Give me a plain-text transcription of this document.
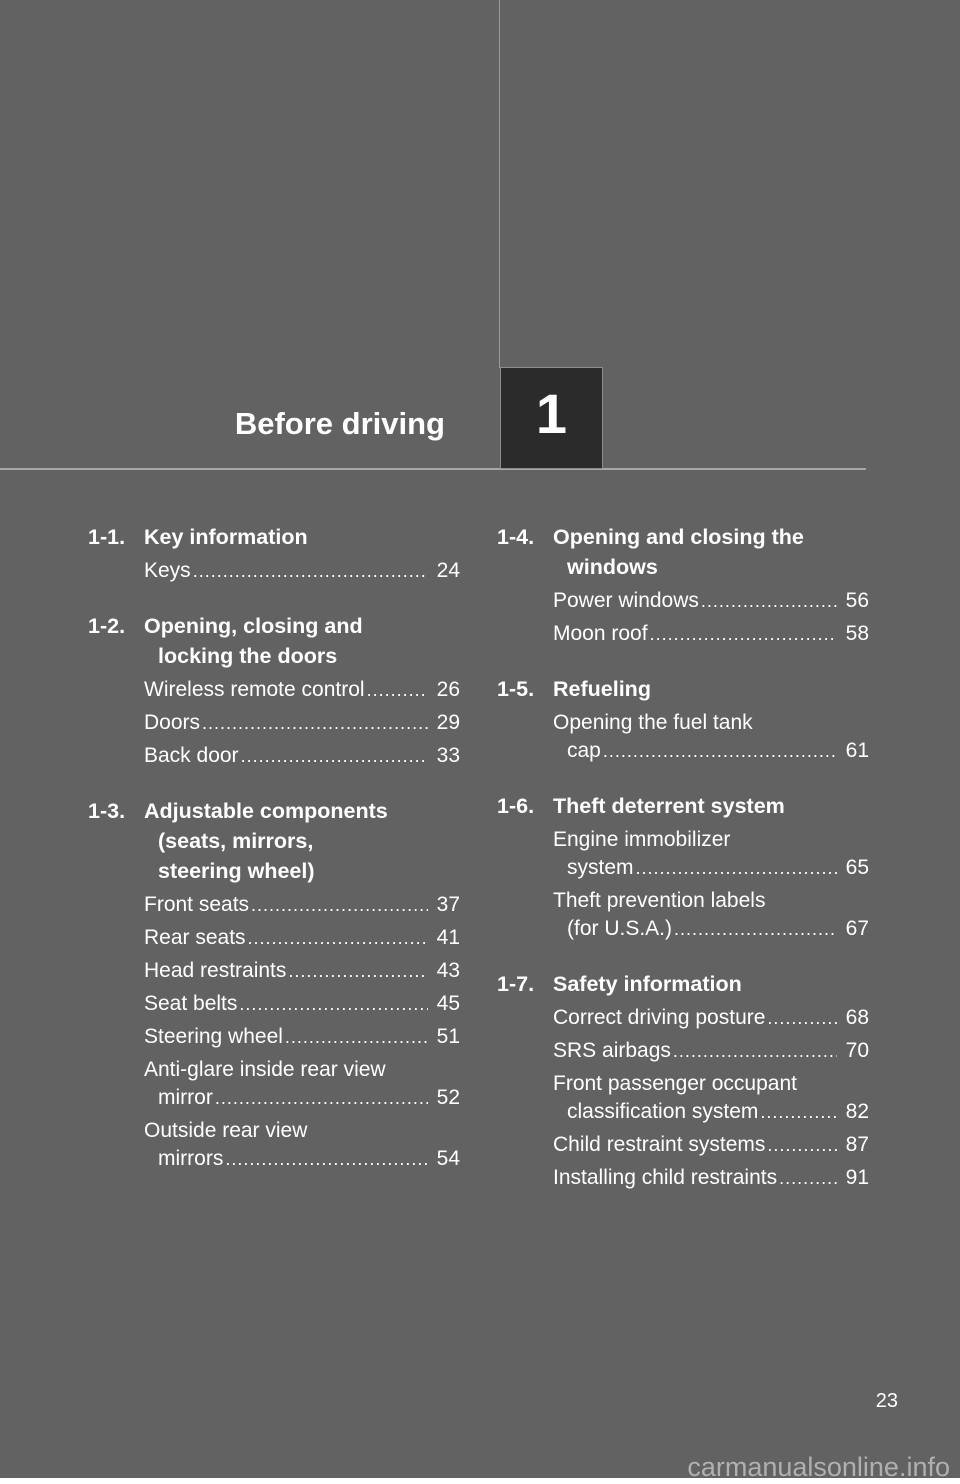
Before driving 1
1-1. Key information
Keys .....	24
1-2. Opening, closing and
locking the doors
Wireless remote control .....	26
Doors .....	29
Back door .....	33
1-3. Adjustable components
(seats, mirrors,
steering wheel)
Front seats .....	37
Rear seats .....	41
Head restraints .....	43
Seat belts .....	45
Steering wheel .....	51
Anti-glare inside rear view
mirror .....	52
Outside rear view
mirrors .....	54
1-4. Opening and closing the
windows
Power windows .....	56
Moon roof .....	58
1-5. Refueling
Opening the fuel tank
cap .....	61
1-6. Theft deterrent system
Engine immobilizer
system .....	65
Theft prevention labels
(for U.S.A.) .....	67
1-7. Safety information
Correct driving posture .....	68
SRS airbags .....	70
Front passenger occupant
classification system .....	82
Child restraint systems .....	87
Installing child restraints .....	91
23
carmanualsonline.info
